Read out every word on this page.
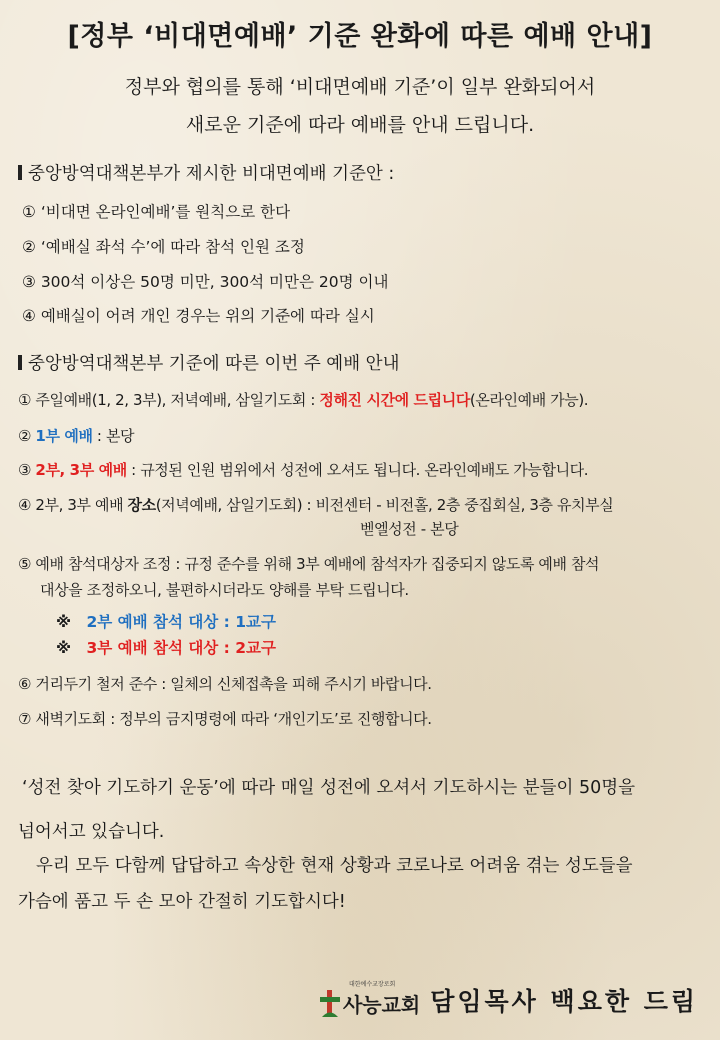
[정부 ‘비대면예배’ 기준 완화에 따른 예배 안내]
정부와 협의를 통해 ‘비대면예배 기준’이 일부 완화되어서
새로운 기준에 따라 예배를 안내 드립니다.
중앙방역대책본부가 제시한 비대면예배 기준안 :
① ‘비대면 온라인예배’를 원칙으로 한다
② ‘예배실 좌석 수’에 따라 참석 인원 조정
③ 300석 이상은 50명 미만, 300석 미만은 20명 이내
④ 예배실이 어려 개인 경우는 위의 기준에 따라 실시
중앙방역대책본부 기준에 따른 이번 주 예배 안내
① 주일예배(1, 2, 3부), 저녁예배, 삼일기도회 : 정해진 시간에 드립니다(온라인예배 가능).
② 1부 예배 : 본당
③ 2부, 3부 예배 : 규정된 인원 범위에서 성전에 오셔도 됩니다. 온라인예배도 가능합니다.
④ 2부, 3부 예배 장소(저녁예배, 삼일기도회) : 비전센터 - 비전홀, 2층 중집회실, 3층 유치부실
벧엘성전 - 본당
⑤ 예배 참석대상자 조정 : 규정 준수를 위해 3부 예배에 참석자가 집중되지 않도록 예배 참석
대상을 조정하오니, 불편하시더라도 양해를 부탁 드립니다.
※ 2부 예배 참석 대상 : 1교구
※ 3부 예배 참석 대상 : 2교구
⑥ 거리두기 철저 준수 : 일체의 신체접촉을 피해 주시기 바랍니다.
⑦ 새벽기도회 : 정부의 금지명령에 따라 ‘개인기도’로 진행합니다.
‘성전 찾아 기도하기 운동’에 따라 매일 성전에 오셔서 기도하시는 분들이 50명을
넘어서고 있습니다.
우리 모두 다함께 답답하고 속상한 현재 상황과 코로나로 어려움 겪는 성도들을
가슴에 품고 두 손 모아 간절히 기도합시다!
대한예수교장로회
사능교회 담임목사 백요한 드림
